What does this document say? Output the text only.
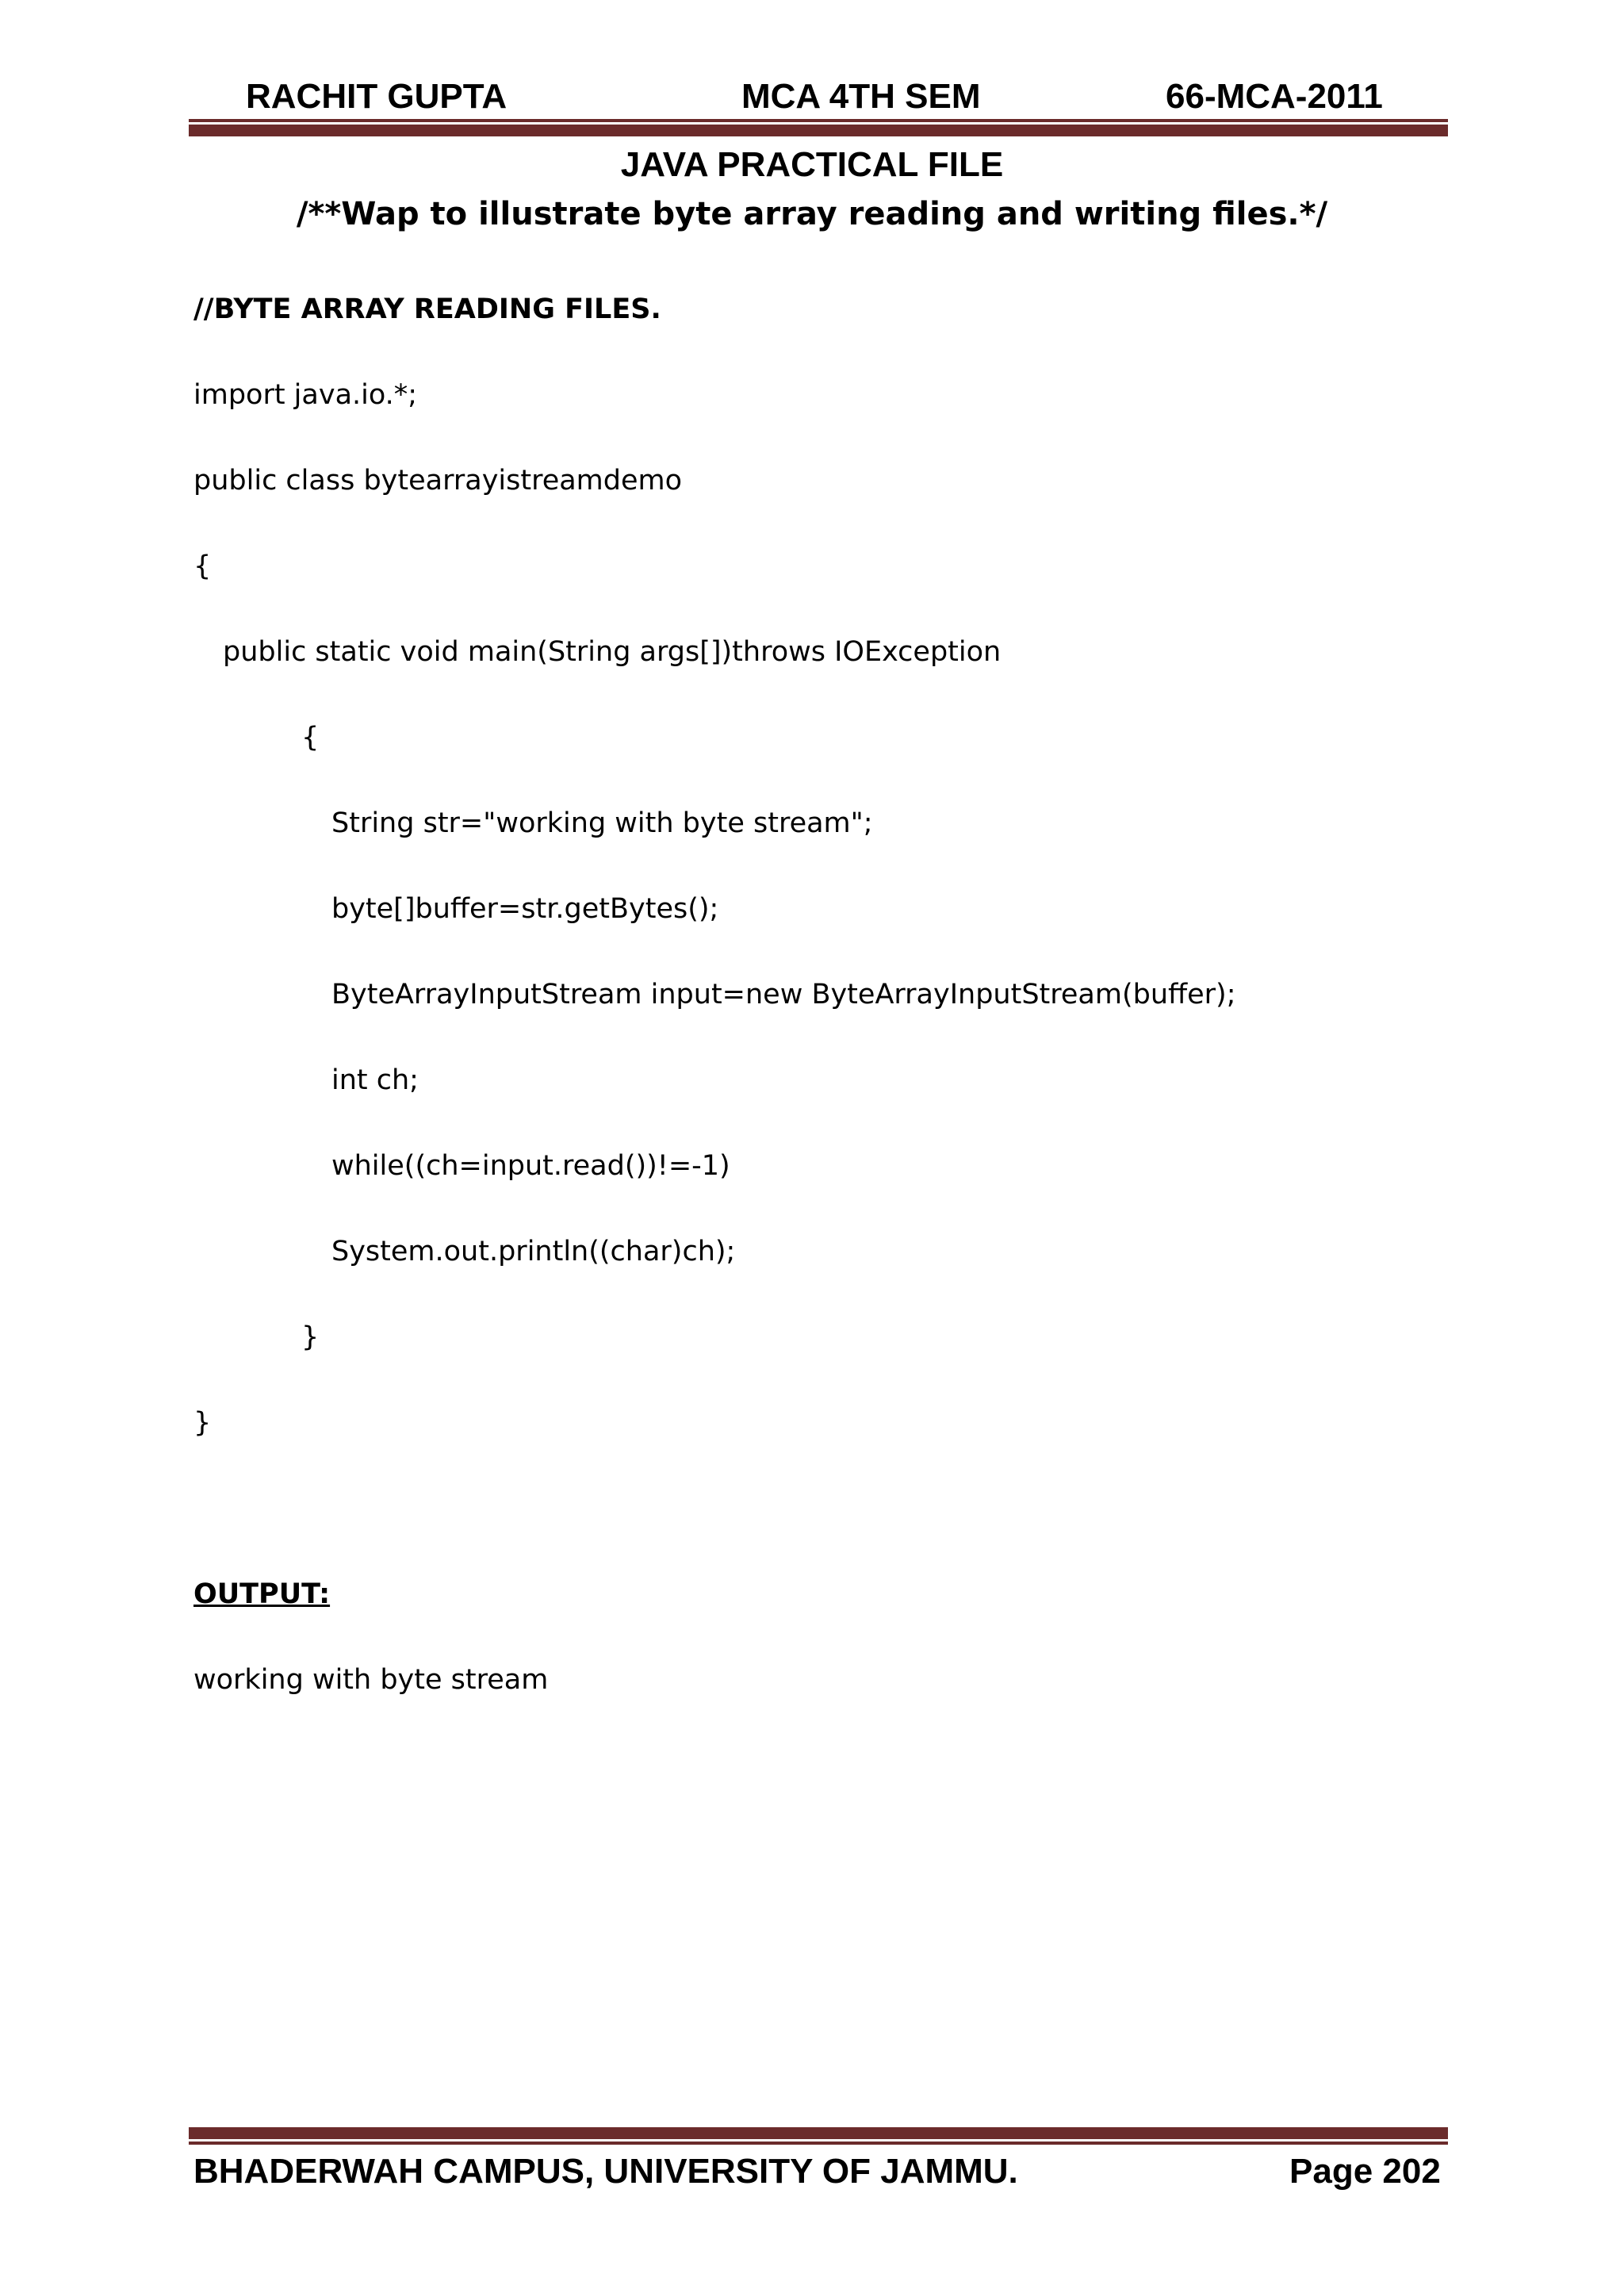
RACHIT GUPTA	MCA 4TH SEM	66-MCA-2011
JAVA PRACTICAL FILE
/**Wap to illustrate byte array reading and writing files.*/
//BYTE ARRAY READING FILES.
import java.io.*;
public class bytearrayistreamdemo
{
public static void main(String args[])throws IOException
{
String str="working with byte stream";
byte[]buffer=str.getBytes();
ByteArrayInputStream input=new ByteArrayInputStream(buffer);
int ch;
while((ch=input.read())!=-1)
System.out.println((char)ch);
}
}
OUTPUT:
working with byte stream
BHADERWAH CAMPUS, UNIVERSITY OF JAMMU.	Page 202
